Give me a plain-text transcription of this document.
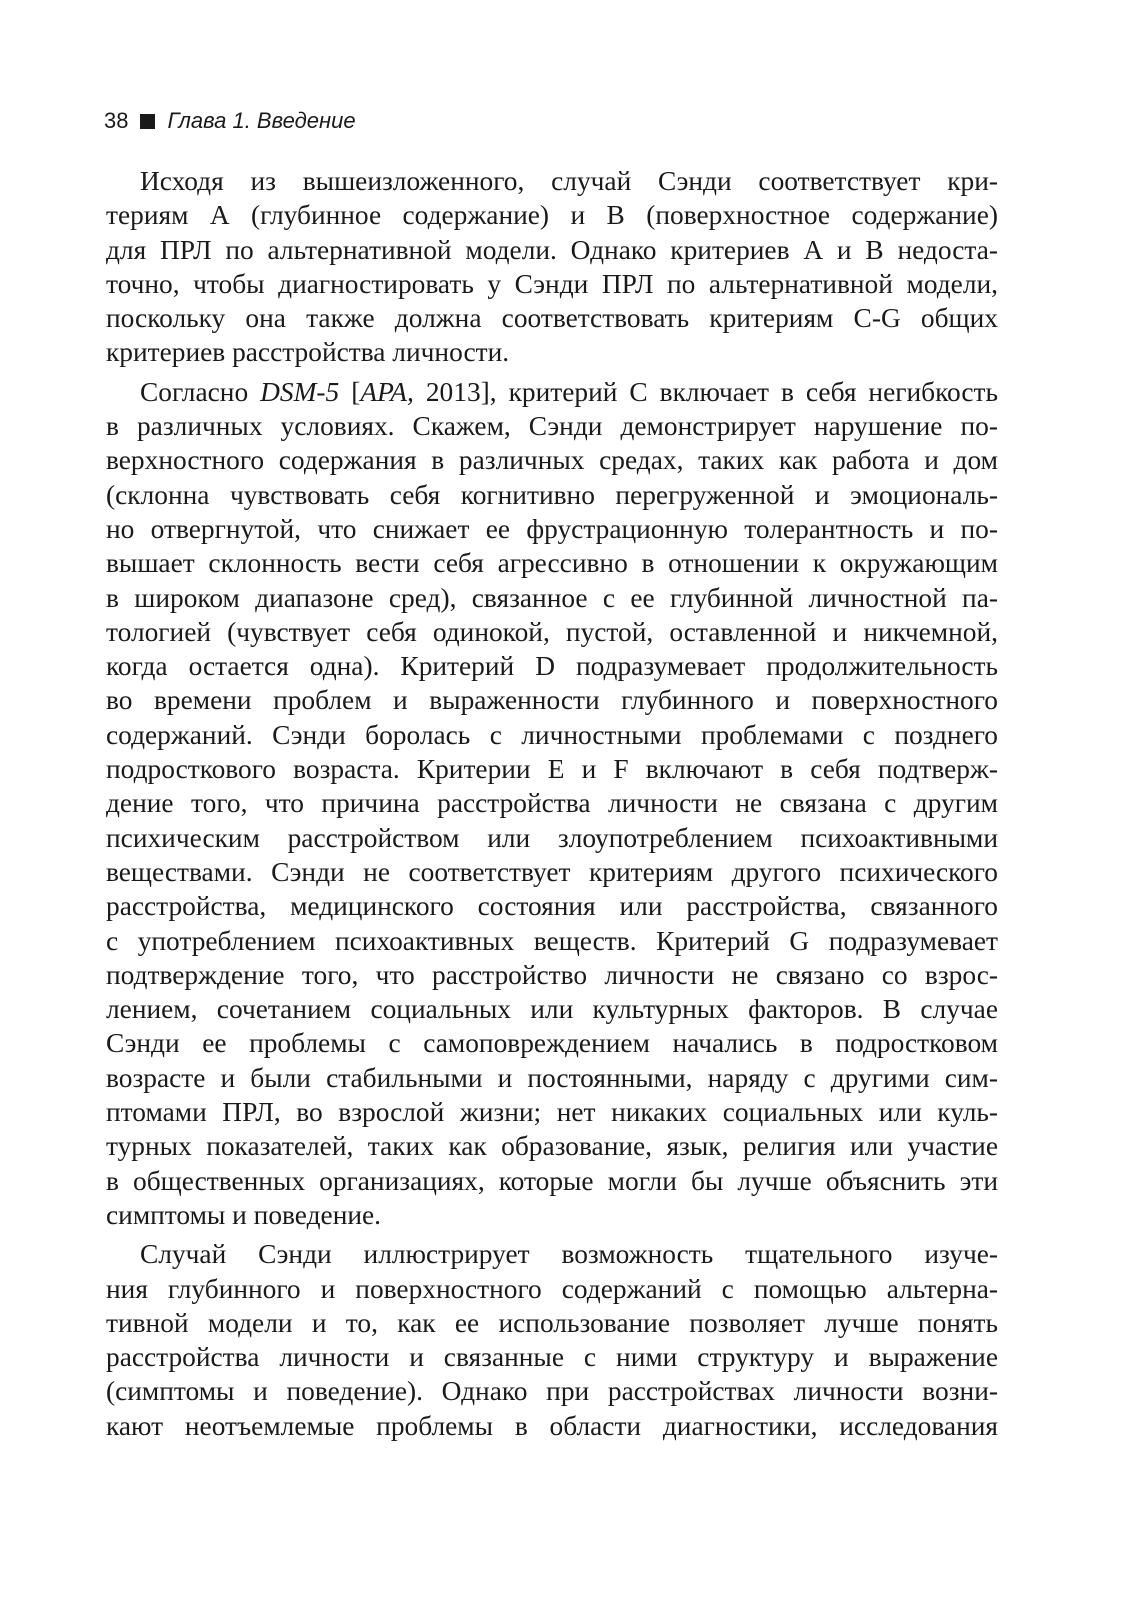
38 Глава 1. Введение

Исходя из вышеизложенного, случай Сэнди соответствует кри-
териям А (глубинное содержание) и В (поверхностное содержание)
для ПРЛ по альтернативной модели. Однако критериев А и В недоста-
точно, чтобы диагностировать у Сэнди ПРЛ по альтернативной модели,
поскольку она также должна соответствовать критериям C-G общих
критериев расстройства личности.

Согласно DSM-5 [APA, 2013], критерий С включает в себя негибкость
в различных условиях. Скажем, Сэнди демонстрирует нарушение по-
верхностного содержания в различных средах, таких как работа и дом
(склонна чувствовать себя когнитивно перегруженной и эмоциональ-
но отвергнутой, что снижает ее фрустрационную толерантность и по-
вышает склонность вести себя агрессивно в отношении к окружающим
в широком диапазоне сред), связанное с ее глубинной личностной па-
тологией (чувствует себя одинокой, пустой, оставленной и никчемной,
когда остается одна). Критерий D подразумевает продолжительность
во времени проблем и выраженности глубинного и поверхностного
содержаний. Сэнди боролась с личностными проблемами с позднего
подросткового возраста. Критерии Е и F включают в себя подтверж-
дение того, что причина расстройства личности не связана с другим
психическим расстройством или злоупотреблением психоактивными
веществами. Сэнди не соответствует критериям другого психического
расстройства, медицинского состояния или расстройства, связанного
с употреблением психоактивных веществ. Критерий G подразумевает
подтверждение того, что расстройство личности не связано со взрос-
лением, сочетанием социальных или культурных факторов. В случае
Сэнди ее проблемы с самоповреждением начались в подростковом
возрасте и были стабильными и постоянными, наряду с другими сим-
птомами ПРЛ, во взрослой жизни; нет никаких социальных или куль-
турных показателей, таких как образование, язык, религия или участие
в общественных организациях, которые могли бы лучше объяснить эти
симптомы и поведение.

Случай Сэнди иллюстрирует возможность тщательного изуче-
ния глубинного и поверхностного содержаний с помощью альтерна-
тивной модели и то, как ее использование позволяет лучше понять
расстройства личности и связанные с ними структуру и выражение
(симптомы и поведение). Однако при расстройствах личности возни-
кают неотъемлемые проблемы в области диагностики, исследования
